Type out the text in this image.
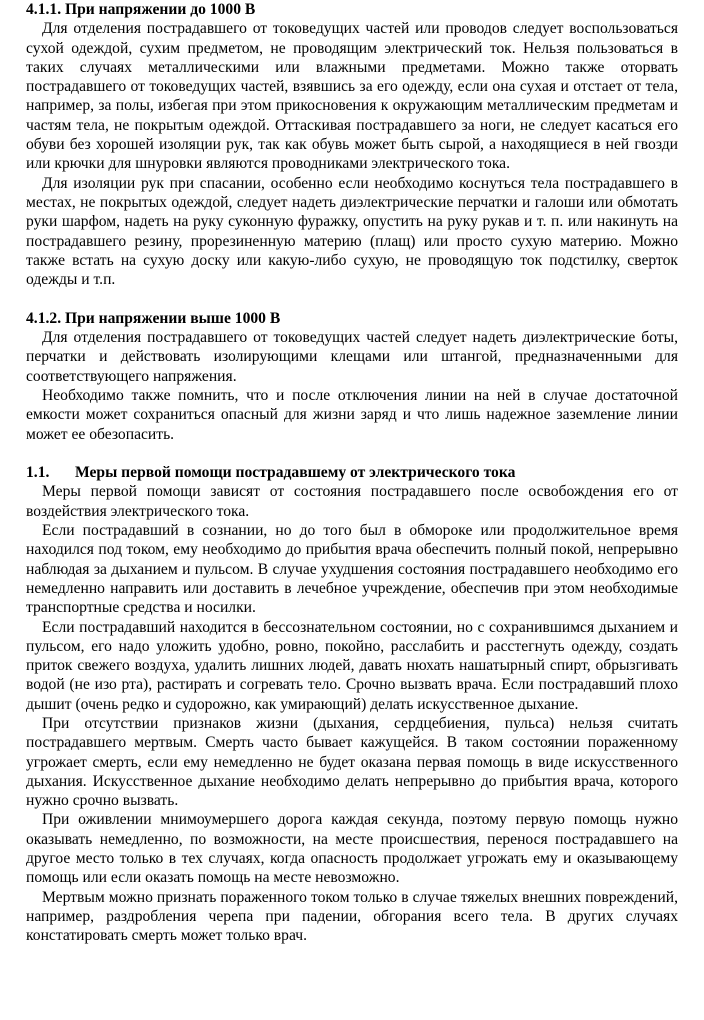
4.1.1. При напряжении до 1000 В

Для отделения пострадавшего от токоведущих частей или проводов следует воспользоваться сухой одеждой, сухим предметом, не проводящим электрический ток. Нельзя пользоваться в таких случаях металлическими или влажными предметами. Можно также оторвать пострадавшего от токоведущих частей, взявшись за его одежду, если она сухая и отстает от тела, например, за полы, избегая при этом прикосновения к окружающим металлическим предметам и частям тела, не покрытым одеждой. Оттаскивая пострадавшего за ноги, не следует касаться его обуви без хорошей изоляции рук, так как обувь может быть сырой, а находящиеся в ней гвозди или крючки для шнуровки являются проводниками электрического тока.

Для изоляции рук при спасании, особенно если необходимо коснуться тела пострадавшего в местах, не покрытых одеждой, следует надеть диэлектрические перчатки и галоши или обмотать руки шарфом, надеть на руку суконную фуражку, опустить на руку рукав и т. п. или накинуть на пострадавшего резину, прорезиненную материю (плащ) или просто сухую материю. Можно также встать на сухую доску или какую-либо сухую, не проводящую ток подстилку, сверток одежды и т.п.

4.1.2. При напряжении выше 1000 В

Для отделения пострадавшего от токоведущих частей следует надеть диэлектрические боты, перчатки и действовать изолирующими клещами или штангой, предназначенными для соответствующего напряжения.

Необходимо также помнить, что и после отключения линии на ней в случае достаточной емкости может сохраниться опасный для жизни заряд и что лишь надежное заземление линии может ее обезопасить.

1.1.	Меры первой помощи пострадавшему от электрического тока

Меры первой помощи зависят от состояния пострадавшего после освобождения его от воздействия электрического тока.

Если пострадавший в сознании, но до того был в обмороке или продолжительное время находился под током, ему необходимо до прибытия врача обеспечить полный покой, непрерывно наблюдая за дыханием и пульсом. В случае ухудшения состояния пострадавшего необходимо его немедленно направить или доставить в лечебное учреждение, обеспечив при этом необходимые транспортные средства и носилки.

Если пострадавший находится в бессознательном состоянии, но с сохранившимся дыханием и пульсом, его надо уложить удобно, ровно, покойно, расслабить и расстегнуть одежду, создать приток свежего воздуха, удалить лишних людей, давать нюхать нашатырный спирт, обрызгивать водой (не изо рта), растирать и согревать тело. Срочно вызвать врача. Если пострадавший плохо дышит (очень редко и судорожно, как умирающий) делать искусственное дыхание.

При отсутствии признаков жизни (дыхания, сердцебиения, пульса) нельзя считать пострадавшего мертвым. Смерть часто бывает кажущейся. В таком состоянии пораженному угрожает смерть, если ему немедленно не будет оказана первая помощь в виде искусственного дыхания. Искусственное дыхание необходимо делать непрерывно до прибытия врача, которого нужно срочно вызвать.

При оживлении мнимоумершего дорога каждая секунда, поэтому первую помощь нужно оказывать немедленно, по возможности, на месте происшествия, перенося пострадавшего на другое место только в тех случаях, когда опасность продолжает угрожать ему и оказывающему помощь или если оказать помощь на месте невозможно.

Мертвым можно признать пораженного током только в случае тяжелых внешних повреждений, например, раздробления черепа при падении, обгорания всего тела. В других случаях констатировать смерть может только врач.
